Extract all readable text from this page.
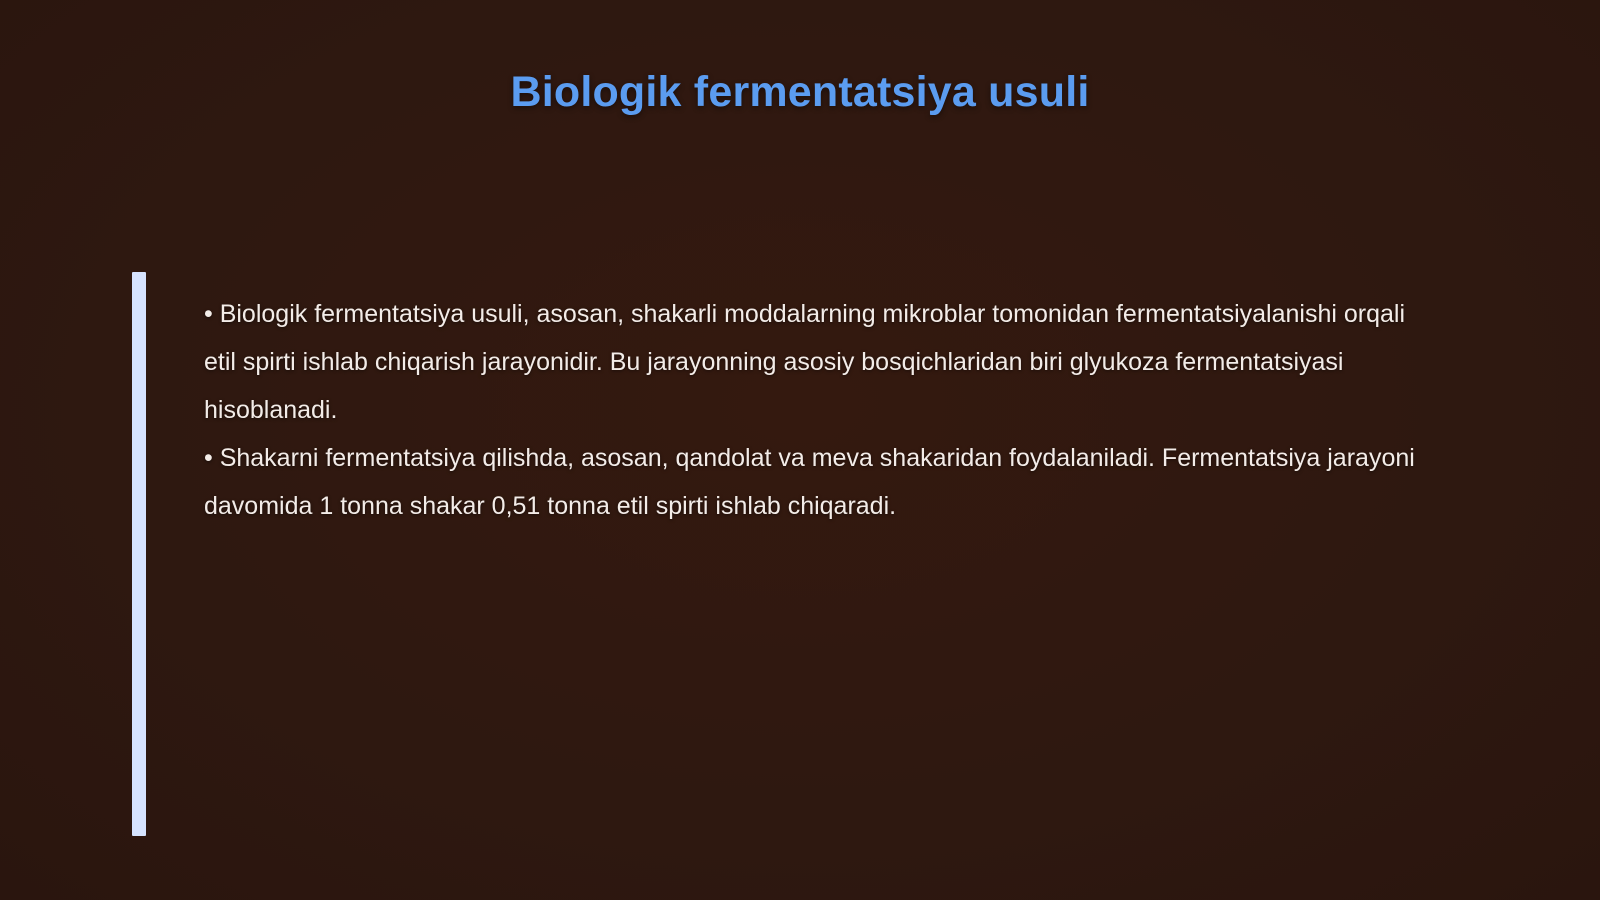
Biologik fermentatsiya usuli

• Biologik fermentatsiya usuli, asosan, shakarli moddalarning mikroblar tomonidan fermentatsiyalanishi orqali etil spirti ishlab chiqarish jarayonidir. Bu jarayonning asosiy bosqichlaridan biri glyukoza fermentatsiyasi hisoblanadi.

• Shakarni fermentatsiya qilishda, asosan, qandolat va meva shakaridan foydalaniladi. Fermentatsiya jarayoni davomida 1 tonna shakar 0,51 tonna etil spirti ishlab chiqaradi.
